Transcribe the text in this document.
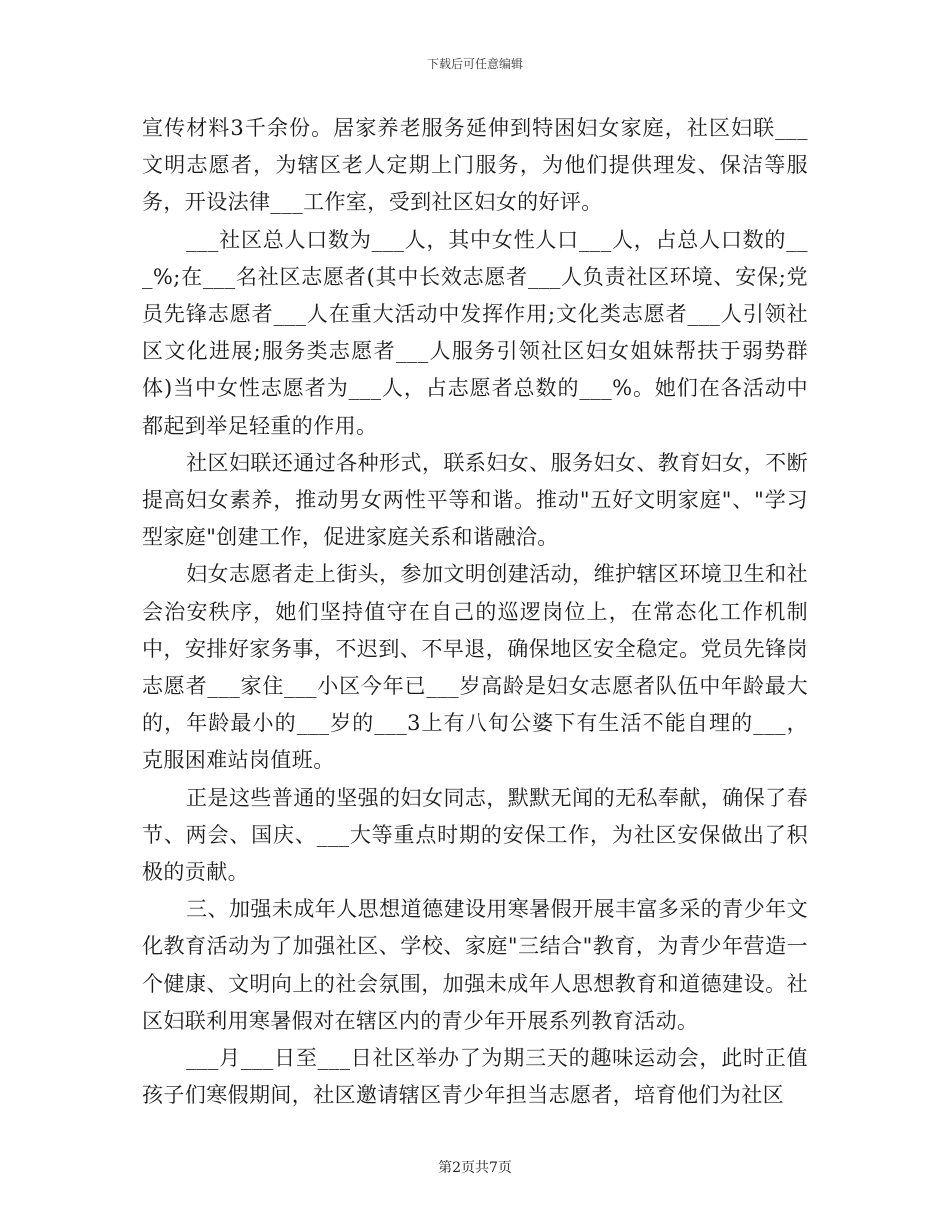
下载后可任意编辑

宣传材料3千余份。居家养老服务延伸到特困妇女家庭，社区妇联___文明志愿者，为辖区老人定期上门服务，为他们提供理发、保洁等服务，开设法律___工作室，受到社区妇女的好评。

___社区总人口数为___人，其中女性人口___人，占总人口数的___%;在___名社区志愿者(其中长效志愿者___人负责社区环境、安保;党员先锋志愿者___人在重大活动中发挥作用;文化类志愿者___人引领社区文化进展;服务类志愿者___人服务引领社区妇女姐妹帮扶于弱势群体)当中女性志愿者为___人，占志愿者总数的___%。她们在各活动中都起到举足轻重的作用。

社区妇联还通过各种形式，联系妇女、服务妇女、教育妇女，不断提高妇女素养，推动男女两性平等和谐。推动"五好文明家庭"、"学习型家庭"创建工作，促进家庭关系和谐融洽。

妇女志愿者走上街头，参加文明创建活动，维护辖区环境卫生和社会治安秩序，她们坚持值守在自己的巡逻岗位上，在常态化工作机制中，安排好家务事，不迟到、不早退，确保地区安全稳定。党员先锋岗志愿者___家住___小区今年已___岁高龄是妇女志愿者队伍中年龄最大的，年龄最小的___岁的___3上有八旬公婆下有生活不能自理的___，克服困难站岗值班。

正是这些普通的坚强的妇女同志，默默无闻的无私奉献，确保了春节、两会、国庆、___大等重点时期的安保工作，为社区安保做出了积极的贡献。

三、加强未成年人思想道德建设用寒暑假开展丰富多采的青少年文化教育活动为了加强社区、学校、家庭"三结合"教育，为青少年营造一个健康、文明向上的社会氛围，加强未成年人思想教育和道德建设。社区妇联利用寒暑假对在辖区内的青少年开展系列教育活动。

___月___日至___日社区举办了为期三天的趣味运动会，此时正值孩子们寒假期间，社区邀请辖区青少年担当志愿者，培育他们为社区

第2页共7页
